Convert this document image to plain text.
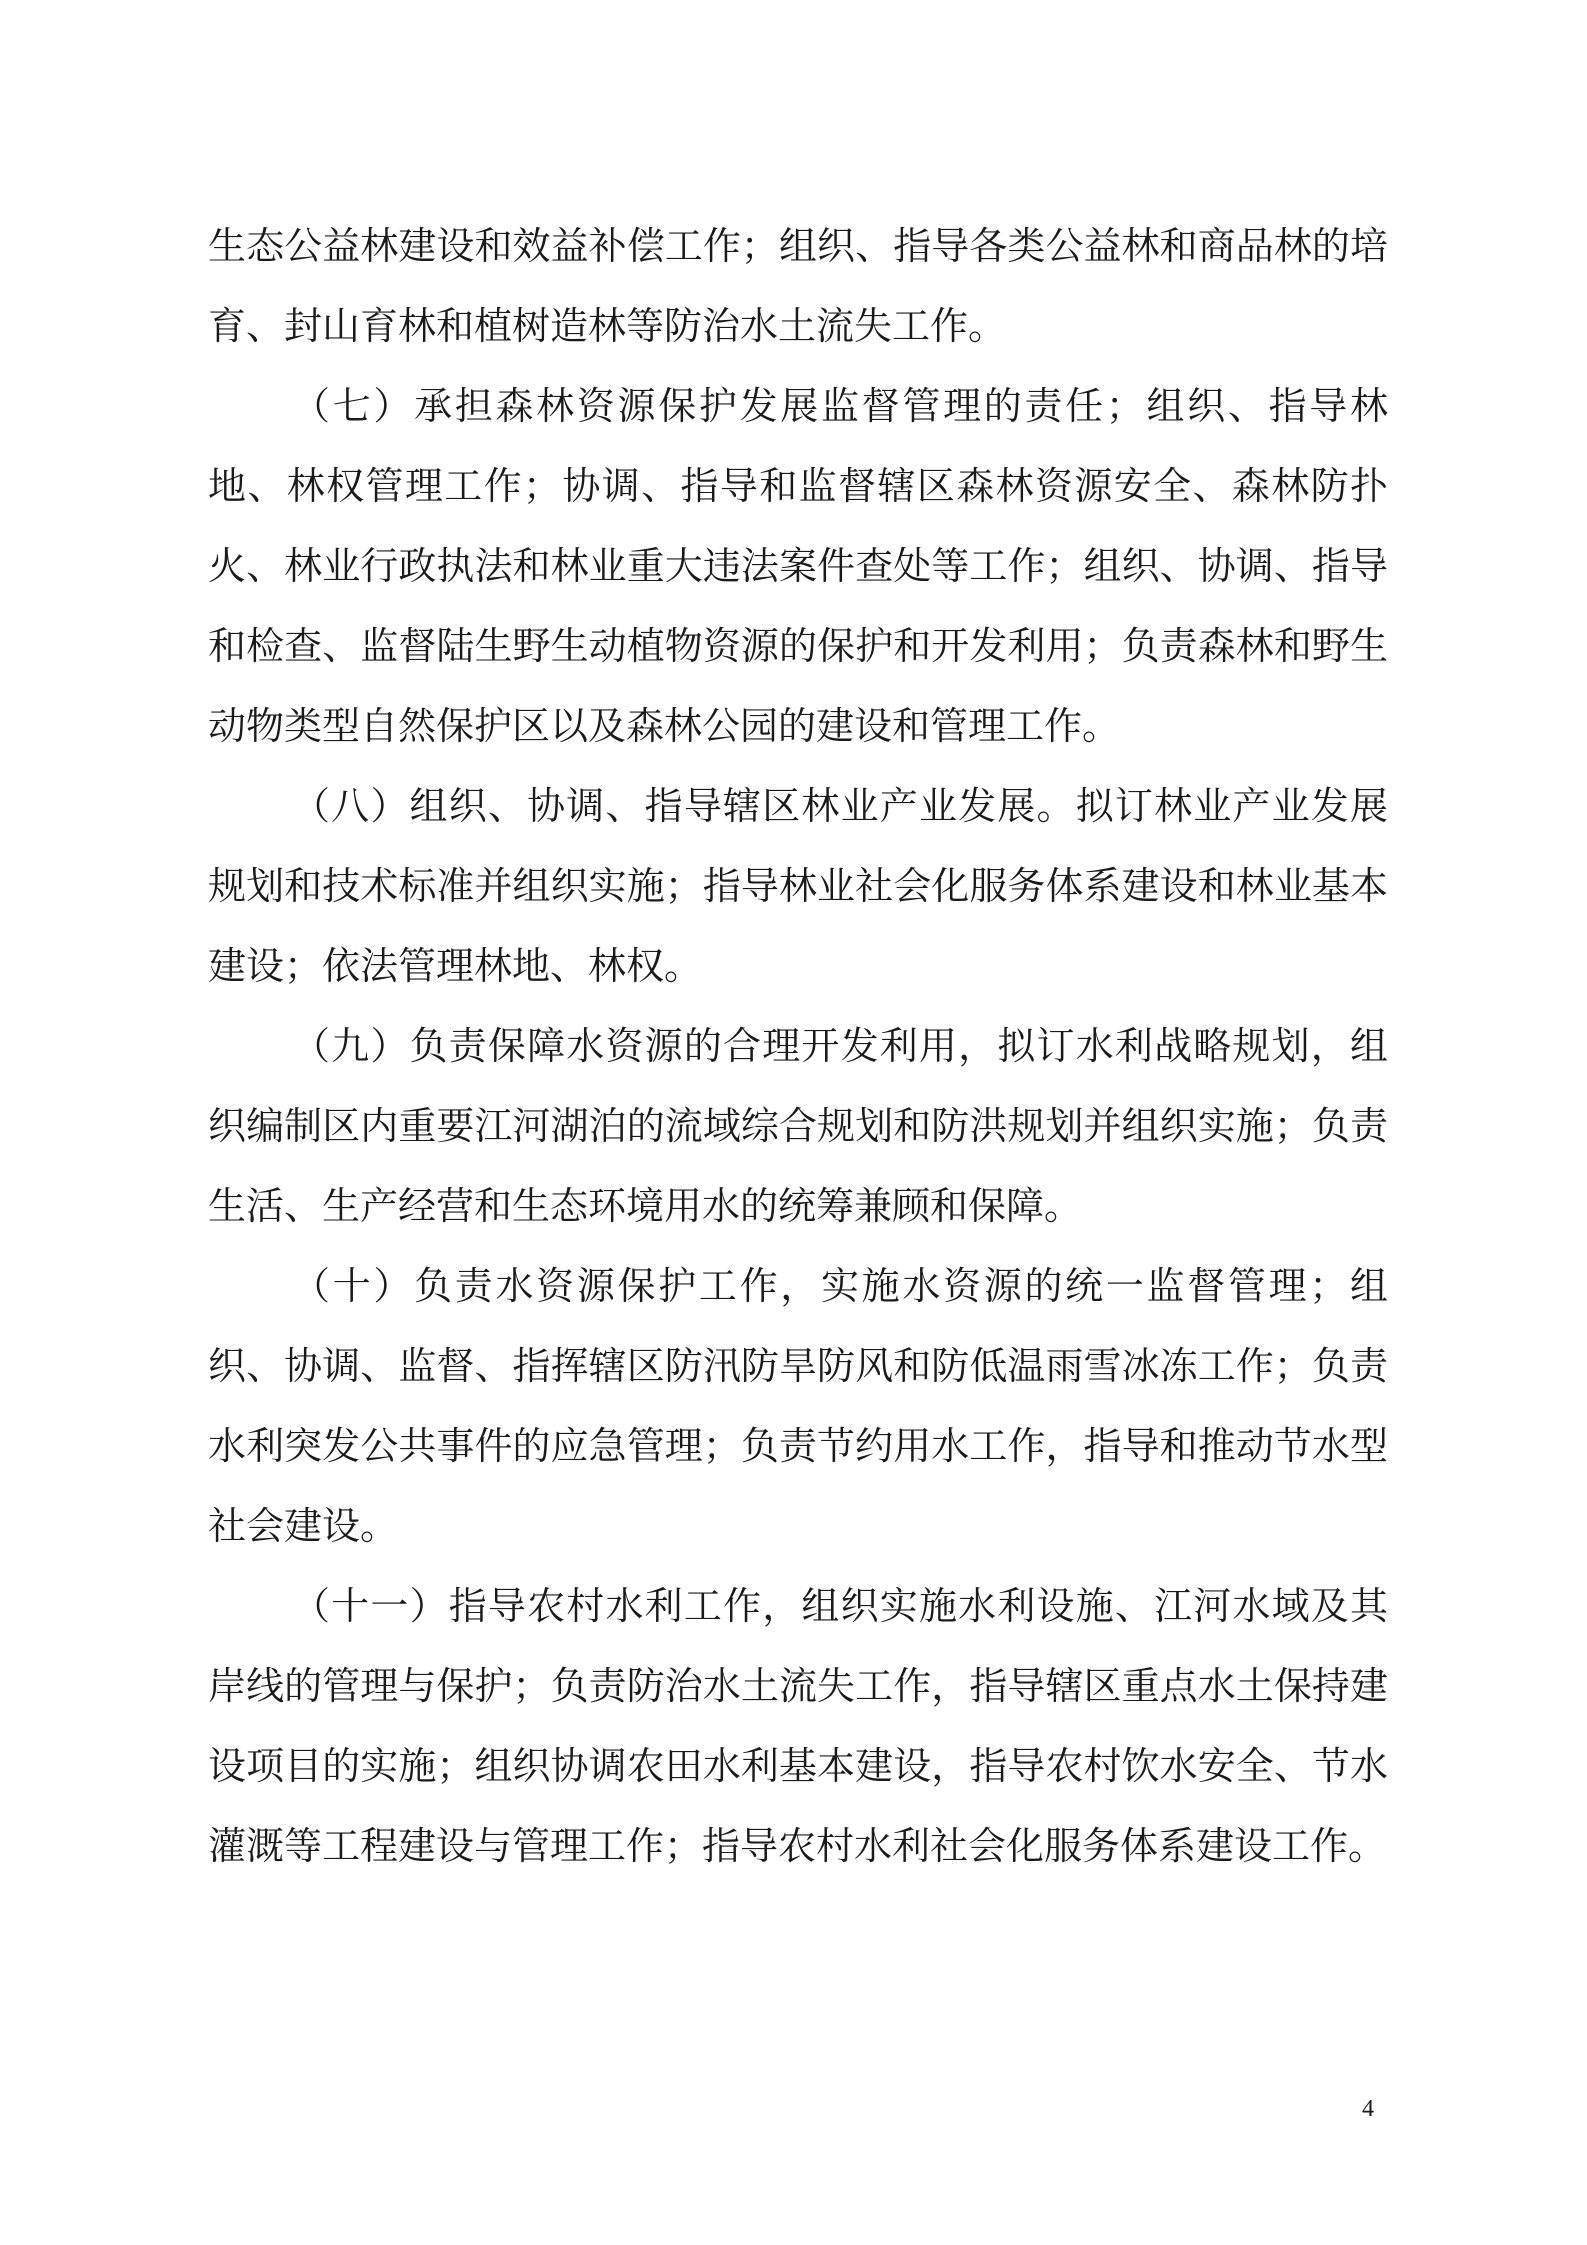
生态公益林建设和效益补偿工作；组织、指导各类公益林和商品林的培育、封山育林和植树造林等防治水土流失工作。

（七）承担森林资源保护发展监督管理的责任；组织、指导林地、林权管理工作；协调、指导和监督辖区森林资源安全、森林防扑火、林业行政执法和林业重大违法案件查处等工作；组织、协调、指导和检查、监督陆生野生动植物资源的保护和开发利用；负责森林和野生动物类型自然保护区以及森林公园的建设和管理工作。

（八）组织、协调、指导辖区林业产业发展。拟订林业产业发展规划和技术标准并组织实施；指导林业社会化服务体系建设和林业基本建设；依法管理林地、林权。

（九）负责保障水资源的合理开发利用，拟订水利战略规划，组织编制区内重要江河湖泊的流域综合规划和防洪规划并组织实施；负责生活、生产经营和生态环境用水的统筹兼顾和保障。

（十）负责水资源保护工作，实施水资源的统一监督管理；组织、协调、监督、指挥辖区防汛防旱防风和防低温雨雪冰冻工作；负责水利突发公共事件的应急管理；负责节约用水工作，指导和推动节水型社会建设。

（十一）指导农村水利工作，组织实施水利设施、江河水域及其岸线的管理与保护；负责防治水土流失工作，指导辖区重点水土保持建设项目的实施；组织协调农田水利基本建设，指导农村饮水安全、节水灌溉等工程建设与管理工作；指导农村水利社会化服务体系建设工作。

4
